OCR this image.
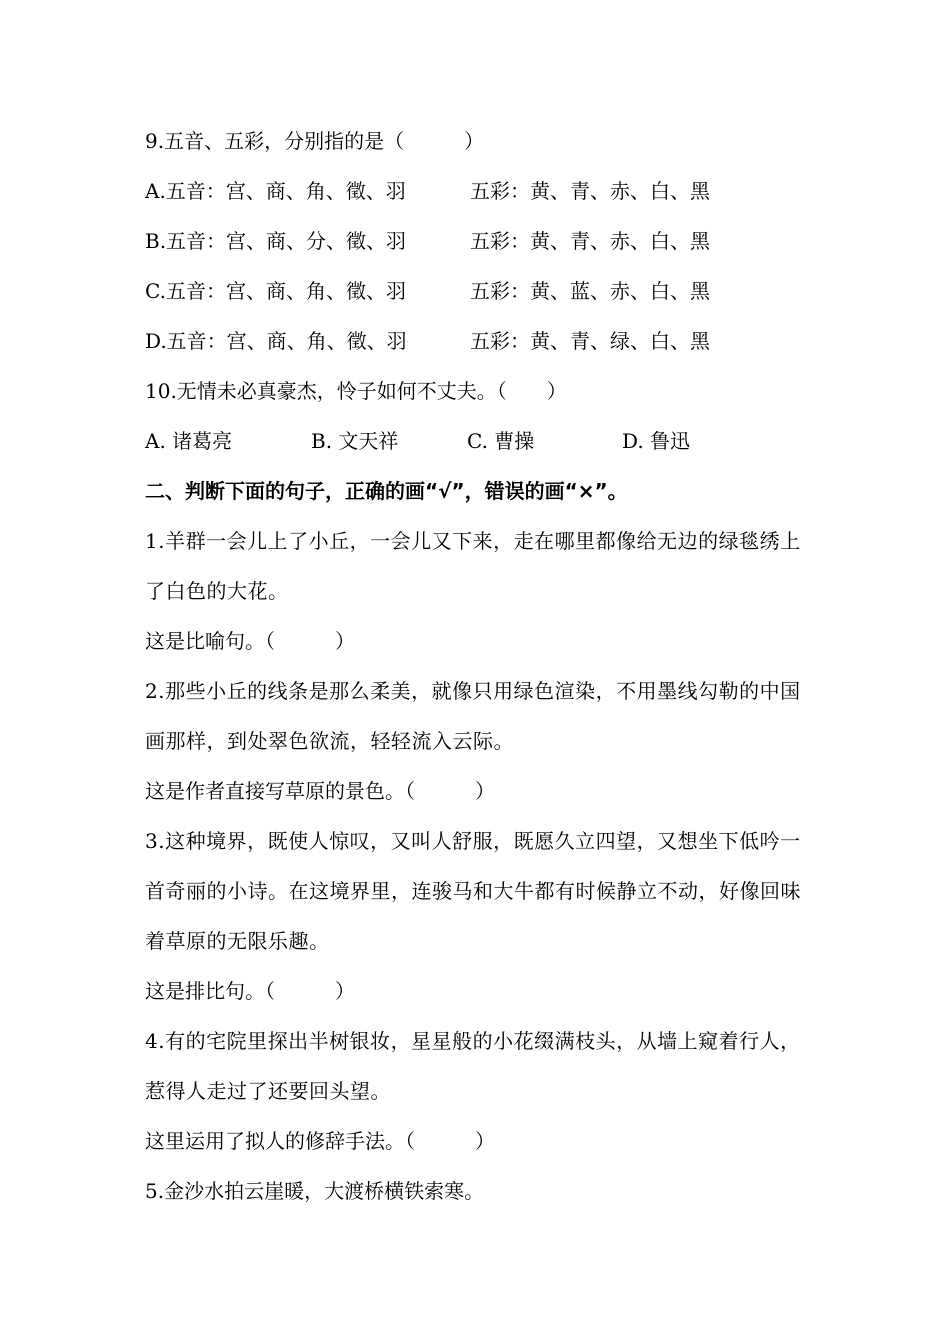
9.五音、五彩，分别指的是（　　　）
A.五音：宫、商、角、徵、羽	五彩：黄、青、赤、白、黑
B.五音：宫、商、分、徵、羽	五彩：黄、青、赤、白、黑
C.五音：宫、商、角、徵、羽	五彩：黄、蓝、赤、白、黑
D.五音：宫、商、角、徵、羽	五彩：黄、青、绿、白、黑
10.无情未必真豪杰，怜子如何不丈夫。（　　）
A. 诸葛亮	B. 文天祥	C. 曹操	D. 鲁迅
二、判断下面的句子，正确的画“√”，错误的画“×”。
1.羊群一会儿上了小丘，一会儿又下来，走在哪里都像给无边的绿毯绣上了白色的大花。
这是比喻句。（　　　）
2.那些小丘的线条是那么柔美，就像只用绿色渲染，不用墨线勾勒的中国画那样，到处翠色欲流，轻轻流入云际。
这是作者直接写草原的景色。（　　　）
3.这种境界，既使人惊叹，又叫人舒服，既愿久立四望，又想坐下低吟一首奇丽的小诗。在这境界里，连骏马和大牛都有时候静立不动，好像回味着草原的无限乐趣。
这是排比句。（　　　）
4.有的宅院里探出半树银妆，星星般的小花缀满枝头，从墙上窥着行人，惹得人走过了还要回头望。
这里运用了拟人的修辞手法。（　　　）
5.金沙水拍云崖暖，大渡桥横铁索寒。
